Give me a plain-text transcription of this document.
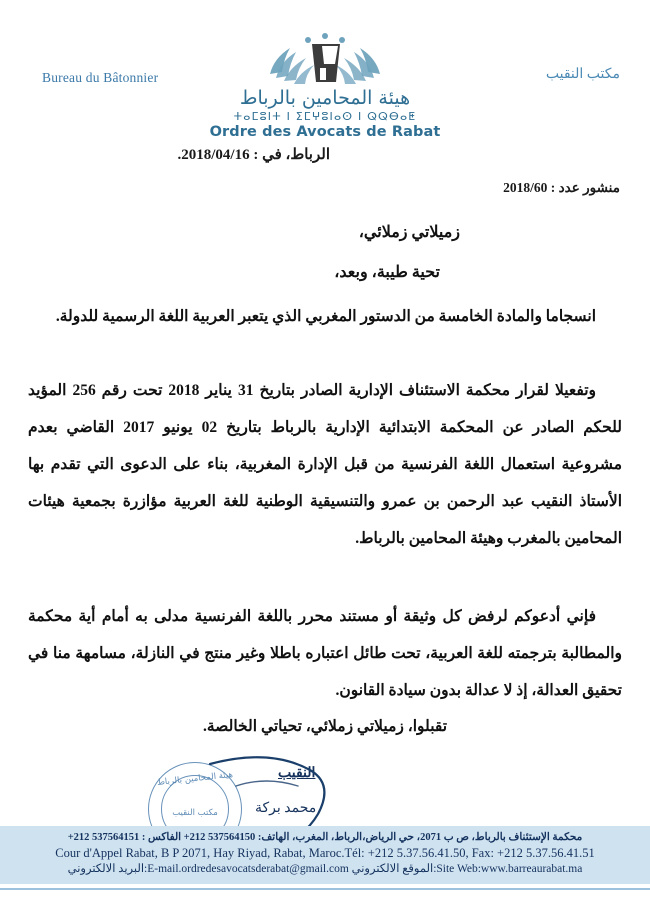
Bureau du Bâtonnier	مكتب النقيب
هيئة المحامين بالرباط
ⵜⴰⵎⵓⵏⵜ ⵏ ⵉⵎⵖⵓⵏⴰⵙ ⵏ ⵕⵕⴱⴰⵟ
Ordre des Avocats de Rabat
الرباط، في : 2018/04/16.
منشور عدد : 2018/60
زميلاتي زملائي،
تحية طيبة، وبعد،
انسجاما والمادة الخامسة من الدستور المغربي الذي يتعبر العربية اللغة الرسمية للدولة.
وتفعيلا لقرار محكمة الاستئناف الإدارية الصادر بتاريخ 31 يناير 2018 تحت رقم 256 المؤيد للحكم الصادر عن المحكمة الابتدائية الإدارية بالرباط بتاريخ 02 يونيو 2017 القاضي بعدم مشروعية استعمال اللغة الفرنسية من قبل الإدارة المغربية، بناء على الدعوى التي تقدم بها الأستاذ النقيب عبد الرحمن بن عمرو والتنسيقية الوطنية للغة العربية مؤازرة بجمعية هيئات المحامين بالمغرب وهيئة المحامين بالرباط.
فإني أدعوكم لرفض كل وثيقة أو مستند محرر باللغة الفرنسية مدلى به أمام أية محكمة والمطالبة بترجمته للغة العربية، تحت طائل اعتباره باطلا وغير منتج في النازلة، مسامهة منا في تحقيق العدالة، إذ لا عدالة بدون سيادة القانون.
تقبلوا، زميلاتي زملائي، تحياتي الخالصة.
النقيب
محمد بركة
هيئة المحامين بالرباط
مكتب النقيب
محكمة الإستئناف بالرباط، ص ب 2071، حي الرياض،الرباط، المغرب، الهاتف: 537564150 212+ الفاكس : 537564151 212+
Cour d'Appel Rabat, B P 2071, Hay Riyad, Rabat, Maroc.Tél: +212 5.37.56.41.50, Fax: +212 5.37.56.41.51
البريد الالكتروني:E-mail.ordredesavocatsderabat@gmail.com الموقع الالكتروني:Site Web:www.barreaurabat.ma
